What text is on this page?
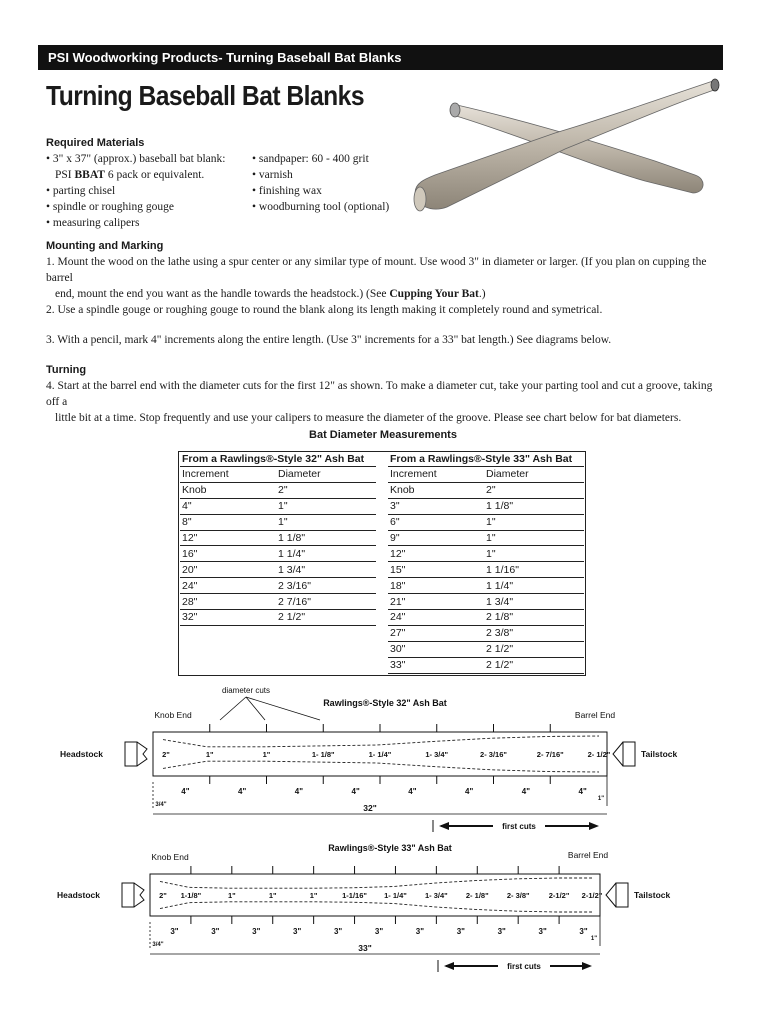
PSI Woodworking Products- Turning Baseball Bat Blanks
Turning Baseball Bat Blanks
Required Materials
• 3" x 37" (approx.) baseball bat blank:
PSI BBAT 6 pack or equivalent.
• parting chisel
• spindle or roughing gouge
• measuring calipers
• sandpaper: 60 - 400 grit
• varnish
• finishing wax
• woodburning tool (optional)
Mounting and Marking
1. Mount the wood on the lathe using a spur center or any similar type of mount. Use wood 3" in diameter or larger. (If you plan on cupping the barrel
end, mount the end you want as the handle towards the headstock.) (See Cupping Your Bat.)
2. Use a spindle gouge or roughing gouge to round the blank along its length making it completely round and symetrical.
3. With a pencil, mark 4" increments along the entire length. (Use 3" increments for a 33" bat length.) See diagrams below.
Turning
4. Start at the barrel end with the diameter cuts for the first 12" as shown. To make a diameter cut, take your parting tool and cut a groove, taking off a
little bit at a time. Stop frequently and use your calipers to measure the diameter of the groove. Please see chart below for bat diameters.
Bat Diameter Measurements
From a Rawlings®-Style 32" Ash Bat	
Increment	Diameter
Knob	2"
4"	1"
8"	1"
12"	1 1/8"
16"	1 1/4"
20"	1 3/4"
24"	2 3/16"
28"	2 7/16"
32"	2 1/2"
From a Rawlings®-Style 33" Ash Bat	
Increment	Diameter
Knob	2"
3"	1 1/8"
6"	1"
9"	1"
12"	1"
15"	1 1/16"
18"	1 1/4"
21"	1 3/4"
24"	2 1/8"
27"	2 3/8"
30"	2 1/2"
33"	2 1/2"
Rawlings®-Style 32" Ash Bat
Knob End	Barrel End
Headstock	Tailstock
4"	4"	4"	4"	4"	4"	4"	4"
2"	1"	1"	1- 1/8"	1- 1/4"	1- 3/4"	2- 3/16"	2- 7/16"	2- 1/2"
3/4"
1"
32"
first cuts
diameter cuts
Rawlings®-Style 33" Ash Bat
Knob End	Barrel End
Headstock	Tailstock
3"	3"	3"	3"	3"	3"	3"	3"	3"	3"	3"
2" 1-1/8"	1"	1"	1"	1-1/16" 1- 1/4" 1- 3/4" 2- 1/8" 2- 3/8"	2-1/2" 2-1/2"
3/4"
1"
33"
first cuts
